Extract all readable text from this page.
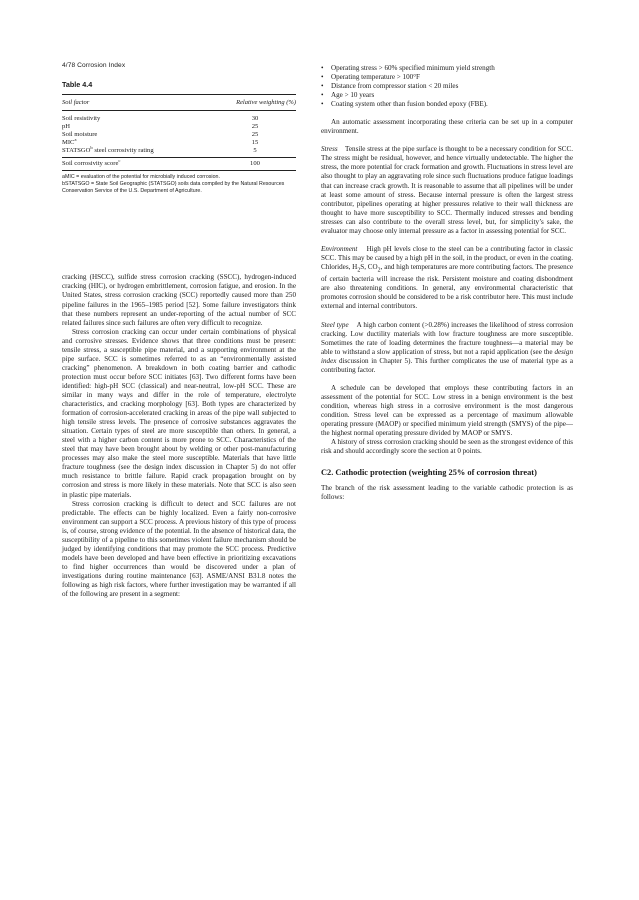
4/78 Corrosion Index
Table 4.4
Soil factor	Relative weighting (%)
Soil resistivity	30
pH	25
Soil moisture	25
MIC$^a$	15
STATSGO$^b$ steel corrosivity rating	5
Soil corrosivity score$^c$	100
aMIC = evaluation of the potential for microbially induced corrosion.
bSTATSGO = State Soil Geographic (STATSGO) soils data compiled by the Natural Resources Conservation Service of the U.S. Department of Agriculture.

cracking (HSCC), sulfide stress corrosion cracking (SSCC), hydrogen-induced cracking (HIC), or hydrogen embrittlement, corrosion fatigue, and erosion. In the United States, stress corrosion cracking (SCC) reportedly caused more than 250 pipeline failures in the 1965–1985 period [52]. Some failure investigators think that these numbers represent an under-reporting of the actual number of SCC related failures since such failures are often very difficult to recognize.

Stress corrosion cracking can occur under certain combinations of physical and corrosive stresses. Evidence shows that three conditions must be present: tensile stress, a susceptible pipe material, and a supporting environment at the pipe surface. SCC is sometimes referred to as an “environmentally assisted cracking” phenomenon. A breakdown in both coating barrier and cathodic protection must occur before SCC initiates [63]. Two different forms have been identified: high-pH SCC (classical) and near-neutral, low-pH SCC. These are similar in many ways and differ in the role of temperature, electrolyte characteristics, and cracking morphology [63]. Both types are characterized by formation of corrosion-accelerated cracking in areas of the pipe wall subjected to high tensile stress levels. The presence of corrosive substances aggravates the situation. Certain types of steel are more susceptible than others. In general, a steel with a higher carbon content is more prone to SCC. Characteristics of the steel that may have been brought about by welding or other post-manufacturing processes may also make the steel more susceptible. Materials that have little fracture toughness (see the design index discussion in Chapter 5) do not offer much resistance to brittle failure. Rapid crack propagation brought on by corrosion and stress is more likely in these materials. Note that SCC is also seen in plastic pipe materials.

Stress corrosion cracking is difficult to detect and SCC failures are not predictable. The effects can be highly localized. Even a fairly non-corrosive environment can support a SCC process. A previous history of this type of process is, of course, strong evidence of the potential. In the absence of historical data, the susceptibility of a pipeline to this sometimes violent failure mechanism should be judged by identifying conditions that may promote the SCC process. Predictive models have been developed and have been effective in prioritizing excavations to find higher occurrences than would be discovered under a plan of investigations during routine maintenance [63]. ASME/ANSI B31.8 notes the following as high risk factors, where further investigation may be warranted if all of the following are present in a segment:

• Operating stress > 60% specified minimum yield strength
• Operating temperature > 100°F
• Distance from compressor station < 20 miles
• Age > 10 years
• Coating system other than fusion bonded epoxy (FBE).

An automatic assessment incorporating these criteria can be set up in a computer environment.

Stress Tensile stress at the pipe surface is thought to be a necessary condition for SCC. The stress might be residual, however, and hence virtually undetectable. The higher the stress, the more potential for crack formation and growth. Fluctuations in stress level are also thought to play an aggravating role since such fluctuations produce fatigue loadings that can increase crack growth. It is reasonable to assume that all pipelines will be under at least some amount of stress. Because internal pressure is often the largest stress contributor, pipelines operating at higher pressures relative to their wall thickness are thought to have more susceptibility to SCC. Thermally induced stresses and bending stresses can also contribute to the overall stress level, but, for simplicity’s sake, the evaluator may choose only internal pressure as a factor in assessing potential for SCC.

Environment High pH levels close to the steel can be a contributing factor in classic SCC. This may be caused by a high pH in the soil, in the product, or even in the coating. Chlorides, $H_2S$, $CO_2$, and high temperatures are more contributing factors. The presence of certain bacteria will increase the risk. Persistent moisture and coating disbondment are also threatening conditions. In general, any environmental characteristic that promotes corrosion should be considered to be a risk contributor here. This must include external and internal contributors.

Steel type A high carbon content (>0.28%) increases the likelihood of stress corrosion cracking. Low ductility materials with low fracture toughness are more susceptible. Sometimes the rate of loading determines the fracture toughness—a material may be able to withstand a slow application of stress, but not a rapid application (see the design index discussion in Chapter 5). This further complicates the use of material type as a contributing factor.

A schedule can be developed that employs these contributing factors in an assessment of the potential for SCC. Low stress in a benign environment is the best condition, whereas high stress in a corrosive environment is the most dangerous condition. Stress level can be expressed as a percentage of maximum allowable operating pressure (MAOP) or specified minimum yield strength (SMYS) of the pipe—the highest normal operating pressure divided by MAOP or SMYS.

A history of stress corrosion cracking should be seen as the strongest evidence of this risk and should accordingly score the section at 0 points.

C2. Cathodic protection (weighting 25% of corrosion threat)

The branch of the risk assessment leading to the variable cathodic protection is as follows:
